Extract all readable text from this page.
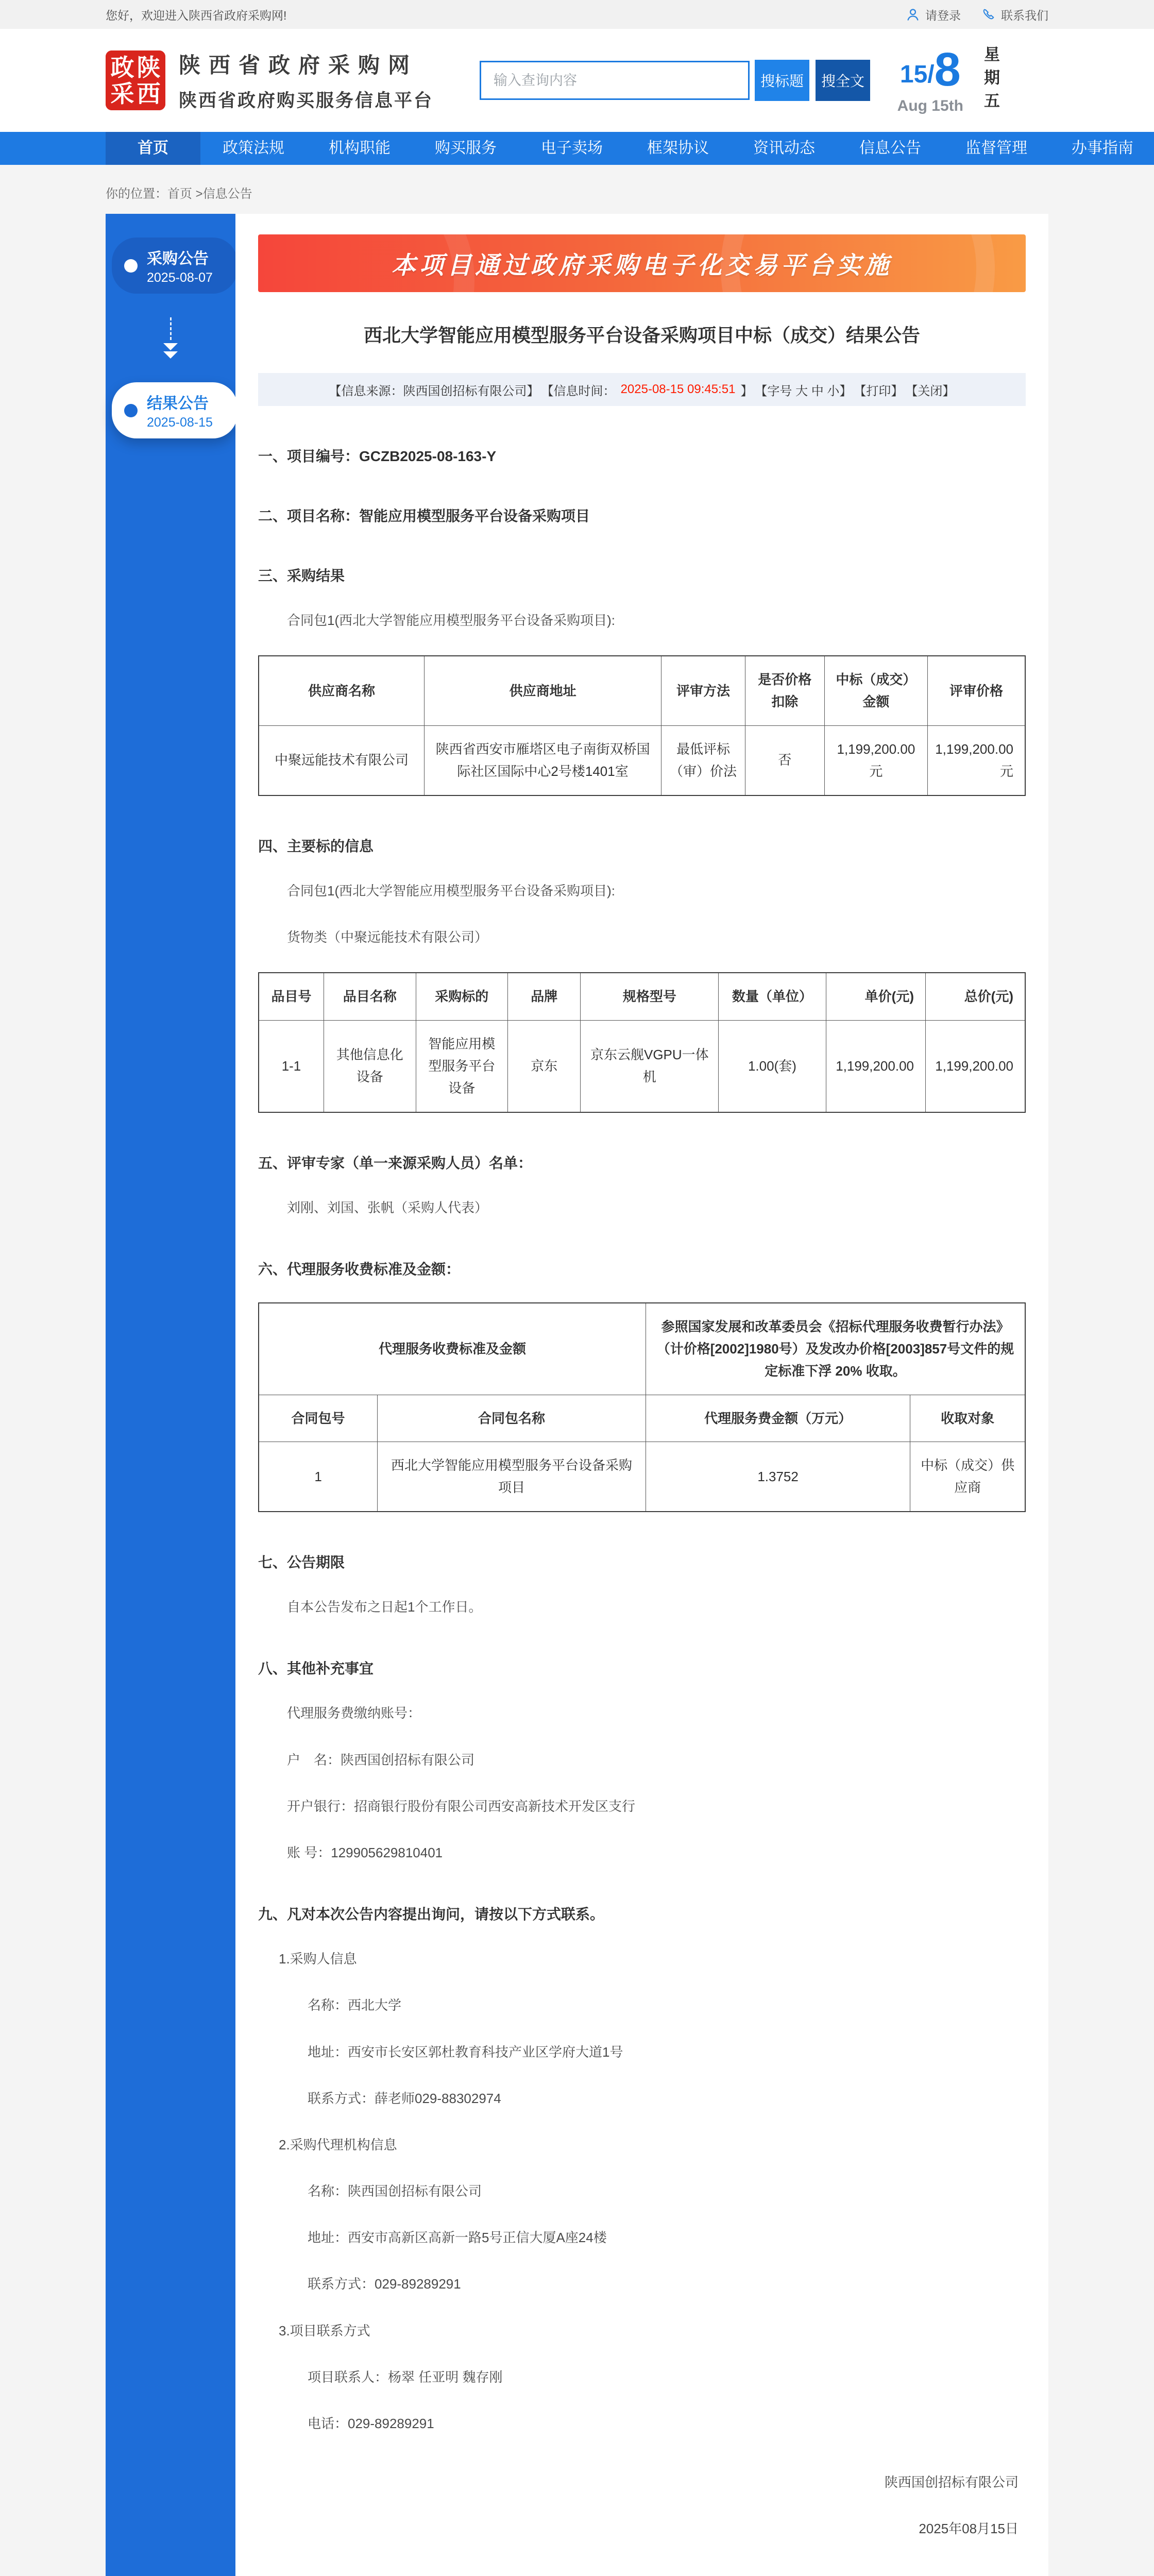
您好，欢迎进入陕西省政府采购网!	请登录	联系我们
政 陕
采 西
陕西省政府采购网
陕西省政府购买服务信息平台
输入查询内容
搜标题	搜全文 15 / 8
Aug 15th 星期五
首页	政策法规	机构职能	购买服务	电子卖场	框架协议	资讯动态	信息公告	监督管理	办事指南
你的位置：首页 >信息公告
采购公告
2025-08-07
结果公告
2025-08-15
本项目通过政府采购电子化交易平台实施
西北大学智能应用模型服务平台设备采购项目中标（成交）结果公告
【信息来源：陕西国创招标有限公司】 【信息时间： 2025-08-15 09:45:51 】 【字号 大 中 小】 【打印】 【关闭】
一、项目编号：GCZB2025-08-163-Y
二、项目名称：智能应用模型服务平台设备采购项目
三、采购结果
合同包1(西北大学智能应用模型服务平台设备采购项目):
供应商名称	供应商地址	评审方法	是否价格扣除	中标（成交）金额	评审价格
中聚远能技术有限公司	陕西省西安市雁塔区电子南街双桥国际社区国际中心2号楼1401室	最低评标（审）价法	否	1,199,200.00元	1,199,200.00 元
四、主要标的信息
合同包1(西北大学智能应用模型服务平台设备采购项目):
货物类（中聚远能技术有限公司）
品目号	品目名称	采购标的	品牌	规格型号	数量（单位）	单价(元)	总价(元)
1-1	其他信息化设备	智能应用模型服务平台设备	京东	京东云舰VGPU一体机	1.00(套)	1,199,200.00	1,199,200.00
五、评审专家（单一来源采购人员）名单：
刘刚、刘国、张帆（采购人代表）
六、代理服务收费标准及金额：
代理服务收费标准及金额		参照国家发展和改革委员会《招标代理服务收费暂行办法》（计价格[2002]1980号）及发改办价格[2003]857号文件的规定标准下浮 20% 收取。	
合同包号	合同包名称	代理服务费金额（万元）	收取对象
1	西北大学智能应用模型服务平台设备采购项目	1.3752	中标（成交）供应商
七、公告期限
自本公告发布之日起1个工作日。
八、其他补充事宜
代理服务费缴纳账号：
户　名：陕西国创招标有限公司
开户银行：招商银行股份有限公司西安高新技术开发区支行
账 号：129905629810401
九、凡对本次公告内容提出询问，请按以下方式联系。
1.采购人信息
名称：西北大学
地址：西安市长安区郭杜教育科技产业区学府大道1号
联系方式：薛老师029-88302974
2.采购代理机构信息
名称：陕西国创招标有限公司
地址：西安市高新区高新一路5号正信大厦A座24楼
联系方式：029-89289291
3.项目联系方式
项目联系人：杨翠 任亚明 魏存刚
电话：029-89289291
陕西国创招标有限公司
2025年08月15日
